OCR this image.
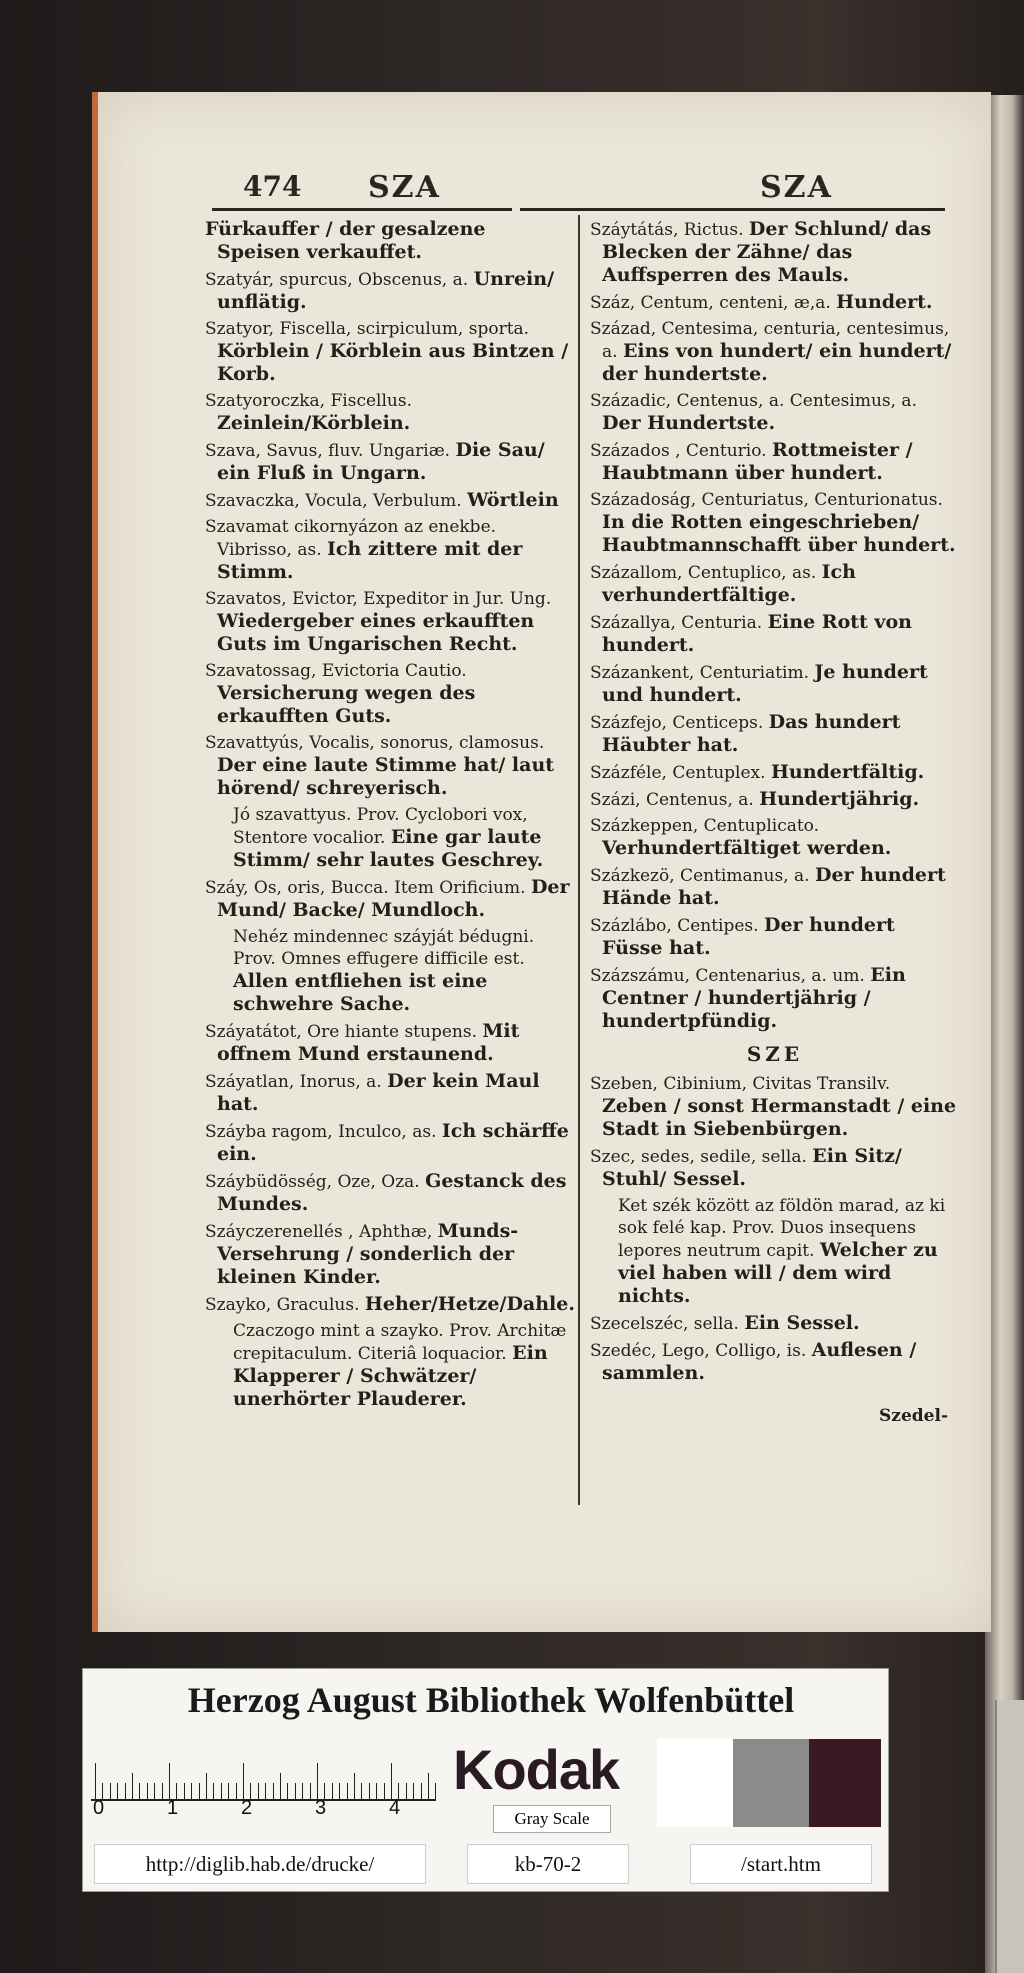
474 SZA	SZA
Fürkauffer / der gesalzene Speisen verkauffet.
Szatyár, spurcus, Obscenus, a. Unrein/ unflätig.
Szatyor, Fiscella, scirpiculum, sporta. Körblein / Körblein aus Bintzen / Korb.
Szatyoroczka, Fiscellus. Zeinlein/Körblein.
Szava, Savus, fluv. Ungariæ. Die Sau/ ein Fluß in Ungarn.
Szavaczka, Vocula, Verbulum. Wörtlein
Szavamat cikornyázon az enekbe. Vibrisso, as. Ich zittere mit der Stimm.
Szavatos, Evictor, Expeditor in Jur. Ung. Wiedergeber eines erkaufften Guts im Ungarischen Recht.
Szavatossag, Evictoria Cautio. Versicherung wegen des erkaufften Guts.
Szavattyús, Vocalis, sonorus, clamosus. Der eine laute Stimme hat/ laut hörend/ schreyerisch.
Jó szavattyus. Prov. Cyclobori vox, Stentore vocalior. Eine gar laute Stimm/ sehr lautes Geschrey.
Száy, Os, oris, Bucca. Item Orificium. Der Mund/ Backe/ Mundloch.
Nehéz mindennec száyját bédugni. Prov. Omnes effugere difficile est. Allen entfliehen ist eine schwehre Sache.
Száyatátot, Ore hiante stupens. Mit offnem Mund erstaunend.
Száyatlan, Inorus, a. Der kein Maul hat.
Száyba ragom, Inculco, as. Ich schärffe ein.
Száybüdösség, Oze, Oza. Gestanck des Mundes.
Száyczerenellés , Aphthæ, Munds-Versehrung / sonderlich der kleinen Kinder.
Szayko, Graculus. Heher/Hetze/Dahle.
Czaczogo mint a szayko. Prov. Architæ crepitaculum. Citeriâ loquacior. Ein Klapperer / Schwätzer/ unerhörter Plauderer.
Száytátás, Rictus. Der Schlund/ das Blecken der Zähne/ das Auffsperren des Mauls.
Száz, Centum, centeni, æ,a. Hundert.
Század, Centesima, centuria, centesimus, a. Eins von hundert/ ein hundert/ der hundertste.
Századic, Centenus, a. Centesimus, a. Der Hundertste.
Százados , Centurio. Rottmeister / Haubtmann über hundert.
Századoság, Centuriatus, Centurionatus. In die Rotten eingeschrieben/ Haubtmannschafft über hundert.
Százallom, Centuplico, as. Ich verhundertfältige.
Százallya, Centuria. Eine Rott von hundert.
Százankent, Centuriatim. Je hundert und hundert.
Százfejo, Centiceps. Das hundert Häubter hat.
Százféle, Centuplex. Hundertfältig.
Százi, Centenus, a. Hundertjährig.
Százkeppen, Centuplicato. Verhundertfältiget werden.
Százkezö, Centimanus, a. Der hundert Hände hat.
Százlábo, Centipes. Der hundert Füsse hat.
Százszámu, Centenarius, a. um. Ein Centner / hundertjährig / hundertpfündig.
SZE
Szeben, Cibinium, Civitas Transilv. Zeben / sonst Hermanstadt / eine Stadt in Siebenbürgen.
Szec, sedes, sedile, sella. Ein Sitz/ Stuhl/ Sessel.
Ket szék között az földön marad, az ki sok felé kap. Prov. Duos insequens lepores neutrum capit. Welcher zu viel haben will / dem wird nichts.
Szecelszéc, sella. Ein Sessel.
Szedéc, Lego, Colligo, is. Auflesen / sammlen.
Szedel-
Herzog August Bibliothek Wolfenbüttel
0	1	2	3	4
Kodak
Gray Scale
http://diglib.hab.de/drucke/	kb-70-2	/start.htm
